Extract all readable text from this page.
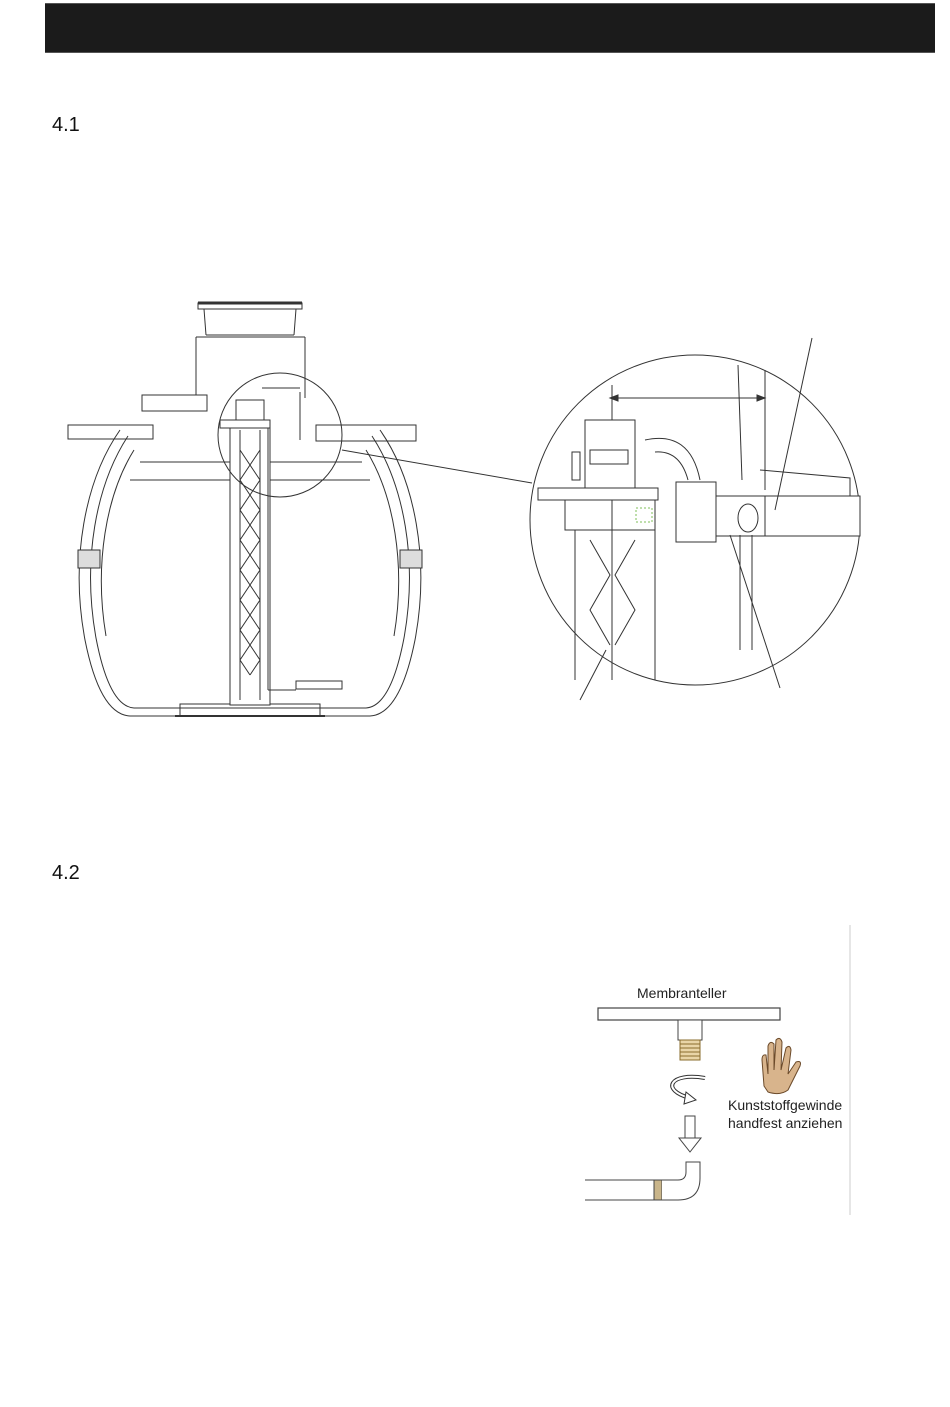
4.1
4.2
Membranteller
Kunststoffgewinde
handfest anziehen
